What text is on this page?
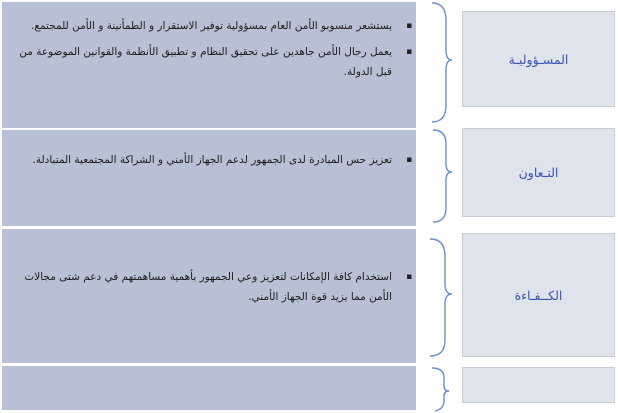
▪ يستشعر منسوبو الأمن العام بمسؤولية توفير الاستقرار و الطمأنينة و الأمن للمجتمع.
▪ يعمل رجال الأمن جاهدين على تحقيق النظام و تطبيق الأنظمة والقوانين الموضوعة من قبل الدولة.
المسـؤوليـة
▪ تعزيز حس المبادرة لدى الجمهور لدعم الجهاز الأمني و الشراكة المجتمعية المتبادلة.
التـعاون
▪ استخدام كافة الإمكانات لتعزيز وعي الجمهور بأهمية مساهمتهم في دعم شتى مجالات الأمن مما يزيد قوة الجهاز الأمني.	الكــفـاءة
